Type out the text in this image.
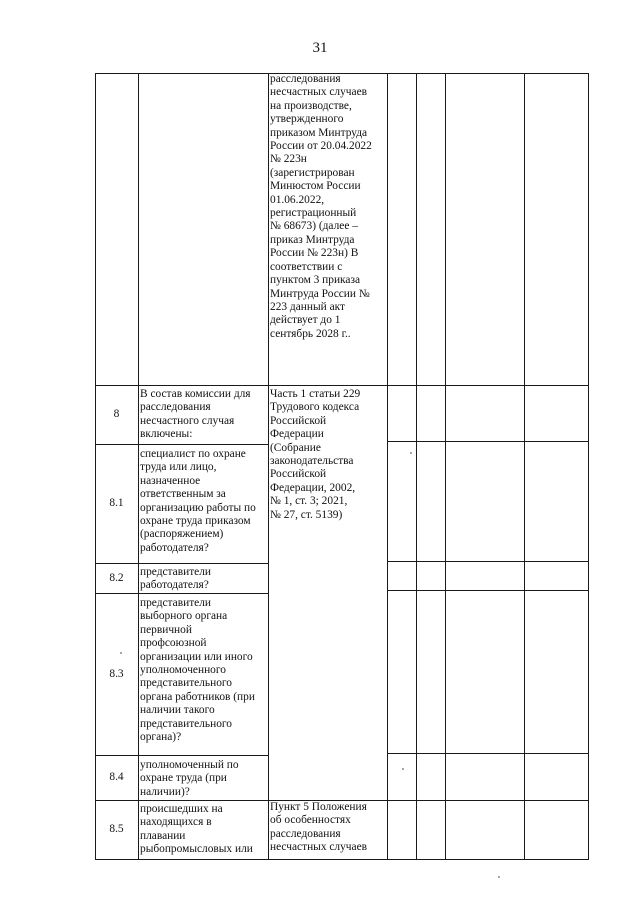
31
расследования
несчастных случаев
на производстве,
утвержденного
приказом Минтруда
России от 20.04.2022
№ 223н
(зарегистрирован
Минюстом России
01.06.2022,
регистрационный
№ 68673) (далее –
приказ Минтруда
России № 223н) В
соответствии с
пунктом 3 приказа
Минтруда России №
223 данный акт
действует до 1
сентябрь 2028 г..
8
В состав комиссии для
расследования
несчастного случая
включены:
Часть 1 статьи 229
Трудового кодекса
Российской
Федерации
(Собрание
законодательства
Российской
Федерации, 2002,
№ 1, ст. 3; 2021,
№ 27, ст. 5139)
8.1
специалист по охране
труда или лицо,
назначенное
ответственным за
организацию работы по
охране труда приказом
(распоряжением)
работодателя?
8.2	представители
работодателя?
8.3
представители
выборного органа
первичной
профсоюзной
организации или иного
уполномоченного
представительного
органа работников (при
наличии такого
представительного
органа)?
8.4
уполномоченный по
охране труда (при
наличии)?
8.5
происшедших на
находящихся в
плавании
рыбопромысловых или
Пункт 5 Положения
об особенностях
расследования
несчастных случаев
